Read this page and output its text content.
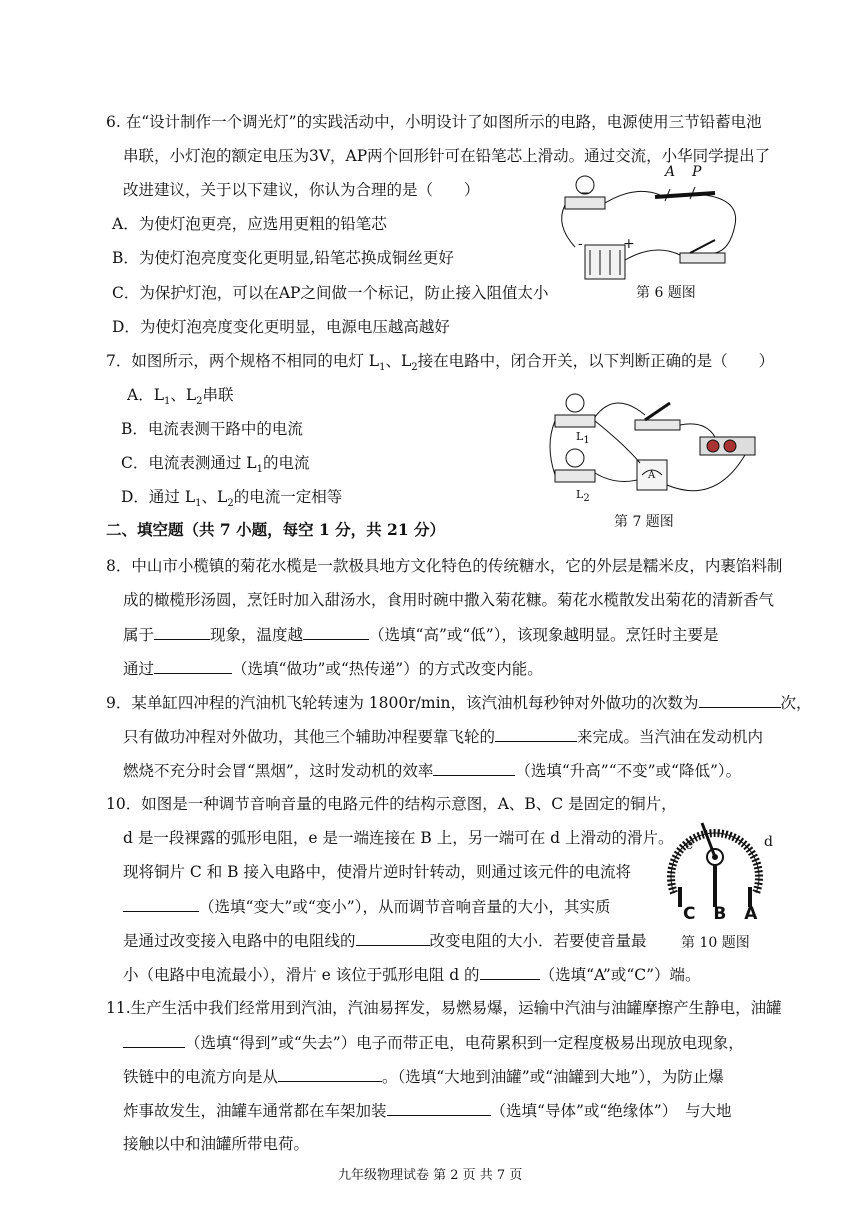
6. 在“设计制作一个调光灯”的实践活动中，小明设计了如图所示的电路，电源使用三节铅蓄电池
串联，小灯泡的额定电压为3V，AP两个回形针可在铅笔芯上滑动。通过交流，小华同学提出了
改进建议，关于以下建议，你认为合理的是（　　）
A．为使灯泡更亮，应选用更粗的铅笔芯
B．为使灯泡亮度变化更明显,铅笔芯换成铜丝更好
C．为保护灯泡，可以在AP之间做一个标记，防止接入阻值太小
D．为使灯泡亮度变化更明显，电源电压越高越好
A P
-	+
第 6 题图
7．如图所示，两个规格不相同的电灯 $L_1$、$L_2$接在电路中，闭合开关，以下判断正确的是（　　）
A．$L_1$、$L_2$串联
B．电流表测干路中的电流
C．电流表测通过 $L_1$的电流
D．通过 $L_1$、$L_2$的电流一定相等
$L_1$
$L_2$
A
第 7 题图
二、填空题（共 7 小题，每空 1 分，共 21 分）
8．中山市小榄镇的菊花水榄是一款极具地方文化特色的传统糖水，它的外层是糯米皮，内裹馅料制
成的橄榄形汤圆，烹饪时加入甜汤水，食用时碗中撒入菊花糠。菊花水榄散发出菊花的清新香气
属于	现象，温度越	（选填“高”或“低”），该现象越明显。烹饪时主要是
通过	（选填“做功”或“热传递”）的方式改变内能。
9．某单缸四冲程的汽油机飞轮转速为 1800r/min，该汽油机每秒钟对外做功的次数为	次，
只有做功冲程对外做功，其他三个辅助冲程要靠飞轮的	来完成。当汽油在发动机内
燃烧不充分时会冒“黑烟”，这时发动机的效率	（选填“升高”“不变”或“降低”）。
10．如图是一种调节音响音量的电路元件的结构示意图，A、B、C 是固定的铜片，
d 是一段裸露的弧形电阻，e 是一端连接在 B 上，另一端可在 d 上滑动的滑片。
现将铜片 C 和 B 接入电路中，使滑片逆时针转动，则通过该元件的电流将
（选填“变大”或“变小”），从而调节音响音量的大小，其实质
是通过改变接入电路中的电阻线的	改变电阻的大小．若要使音量最
小（电路中电流最小），滑片 e 该位于弧形电阻 d 的	（选填“A”或“C”）端。
e	d
C B A
第 10 题图
11.生产生活中我们经常用到汽油，汽油易挥发，易燃易爆，运输中汽油与油罐摩擦产生静电，油罐
（选填“得到”或“失去”）电子而带正电，电荷累积到一定程度极易出现放电现象，
铁链中的电流方向是从	。（选填“大地到油罐”或“油罐到大地”），为防止爆
炸事故发生，油罐车通常都在车架加装	（选填“导体”或“绝缘体”）　与大地
接触以中和油罐所带电荷。
九年级物理试卷 第 2 页 共 7 页
